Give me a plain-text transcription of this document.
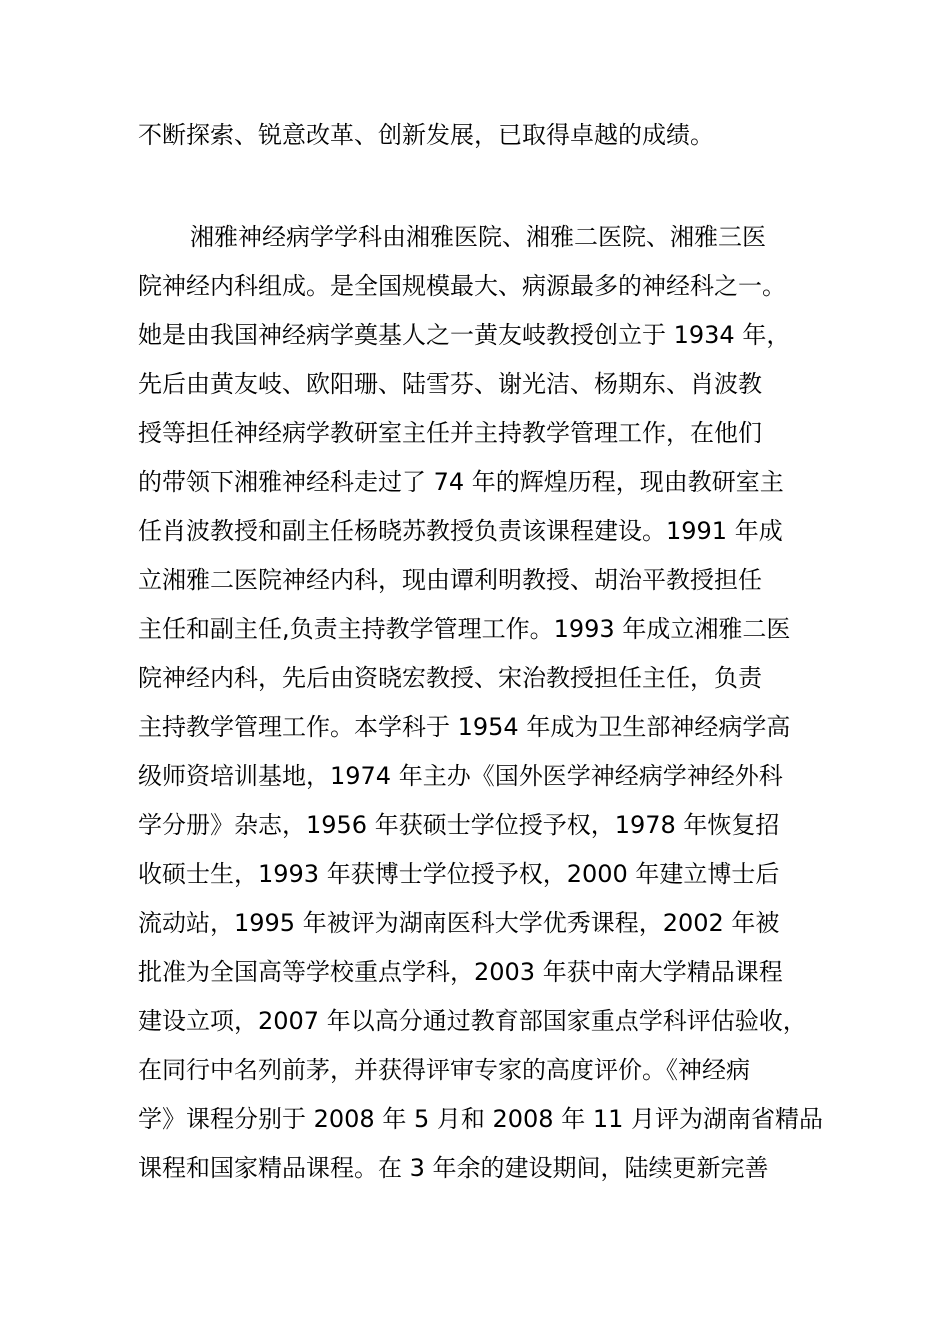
不断探索、锐意改革、创新发展，已取得卓越的成绩。
湘雅神经病学学科由湘雅医院、湘雅二医院、湘雅三医
院神经内科组成。是全国规模最大、病源最多的神经科之一。
她是由我国神经病学奠基人之一黄友岐教授创立于 1934 年，
先后由黄友岐、欧阳珊、陆雪芬、谢光洁、杨期东、肖波教
授等担任神经病学教研室主任并主持教学管理工作，在他们
的带领下湘雅神经科走过了 74 年的辉煌历程，现由教研室主
任肖波教授和副主任杨晓苏教授负责该课程建设。1991 年成
立湘雅二医院神经内科，现由谭利明教授、胡治平教授担任
主任和副主任,负责主持教学管理工作。1993 年成立湘雅二医
院神经内科，先后由资晓宏教授、宋治教授担任主任，负责
主持教学管理工作。本学科于 1954 年成为卫生部神经病学高
级师资培训基地，1974 年主办《国外医学神经病学神经外科
学分册》杂志，1956 年获硕士学位授予权，1978 年恢复招
收硕士生，1993 年获博士学位授予权，2000 年建立博士后
流动站，1995 年被评为湖南医科大学优秀课程，2002 年被
批准为全国高等学校重点学科，2003 年获中南大学精品课程
建设立项，2007 年以高分通过教育部国家重点学科评估验收，
在同行中名列前茅，并获得评审专家的高度评价。《神经病
学》课程分别于 2008 年 5 月和 2008 年 11 月评为湖南省精品
课程和国家精品课程。在 3 年余的建设期间，陆续更新完善
